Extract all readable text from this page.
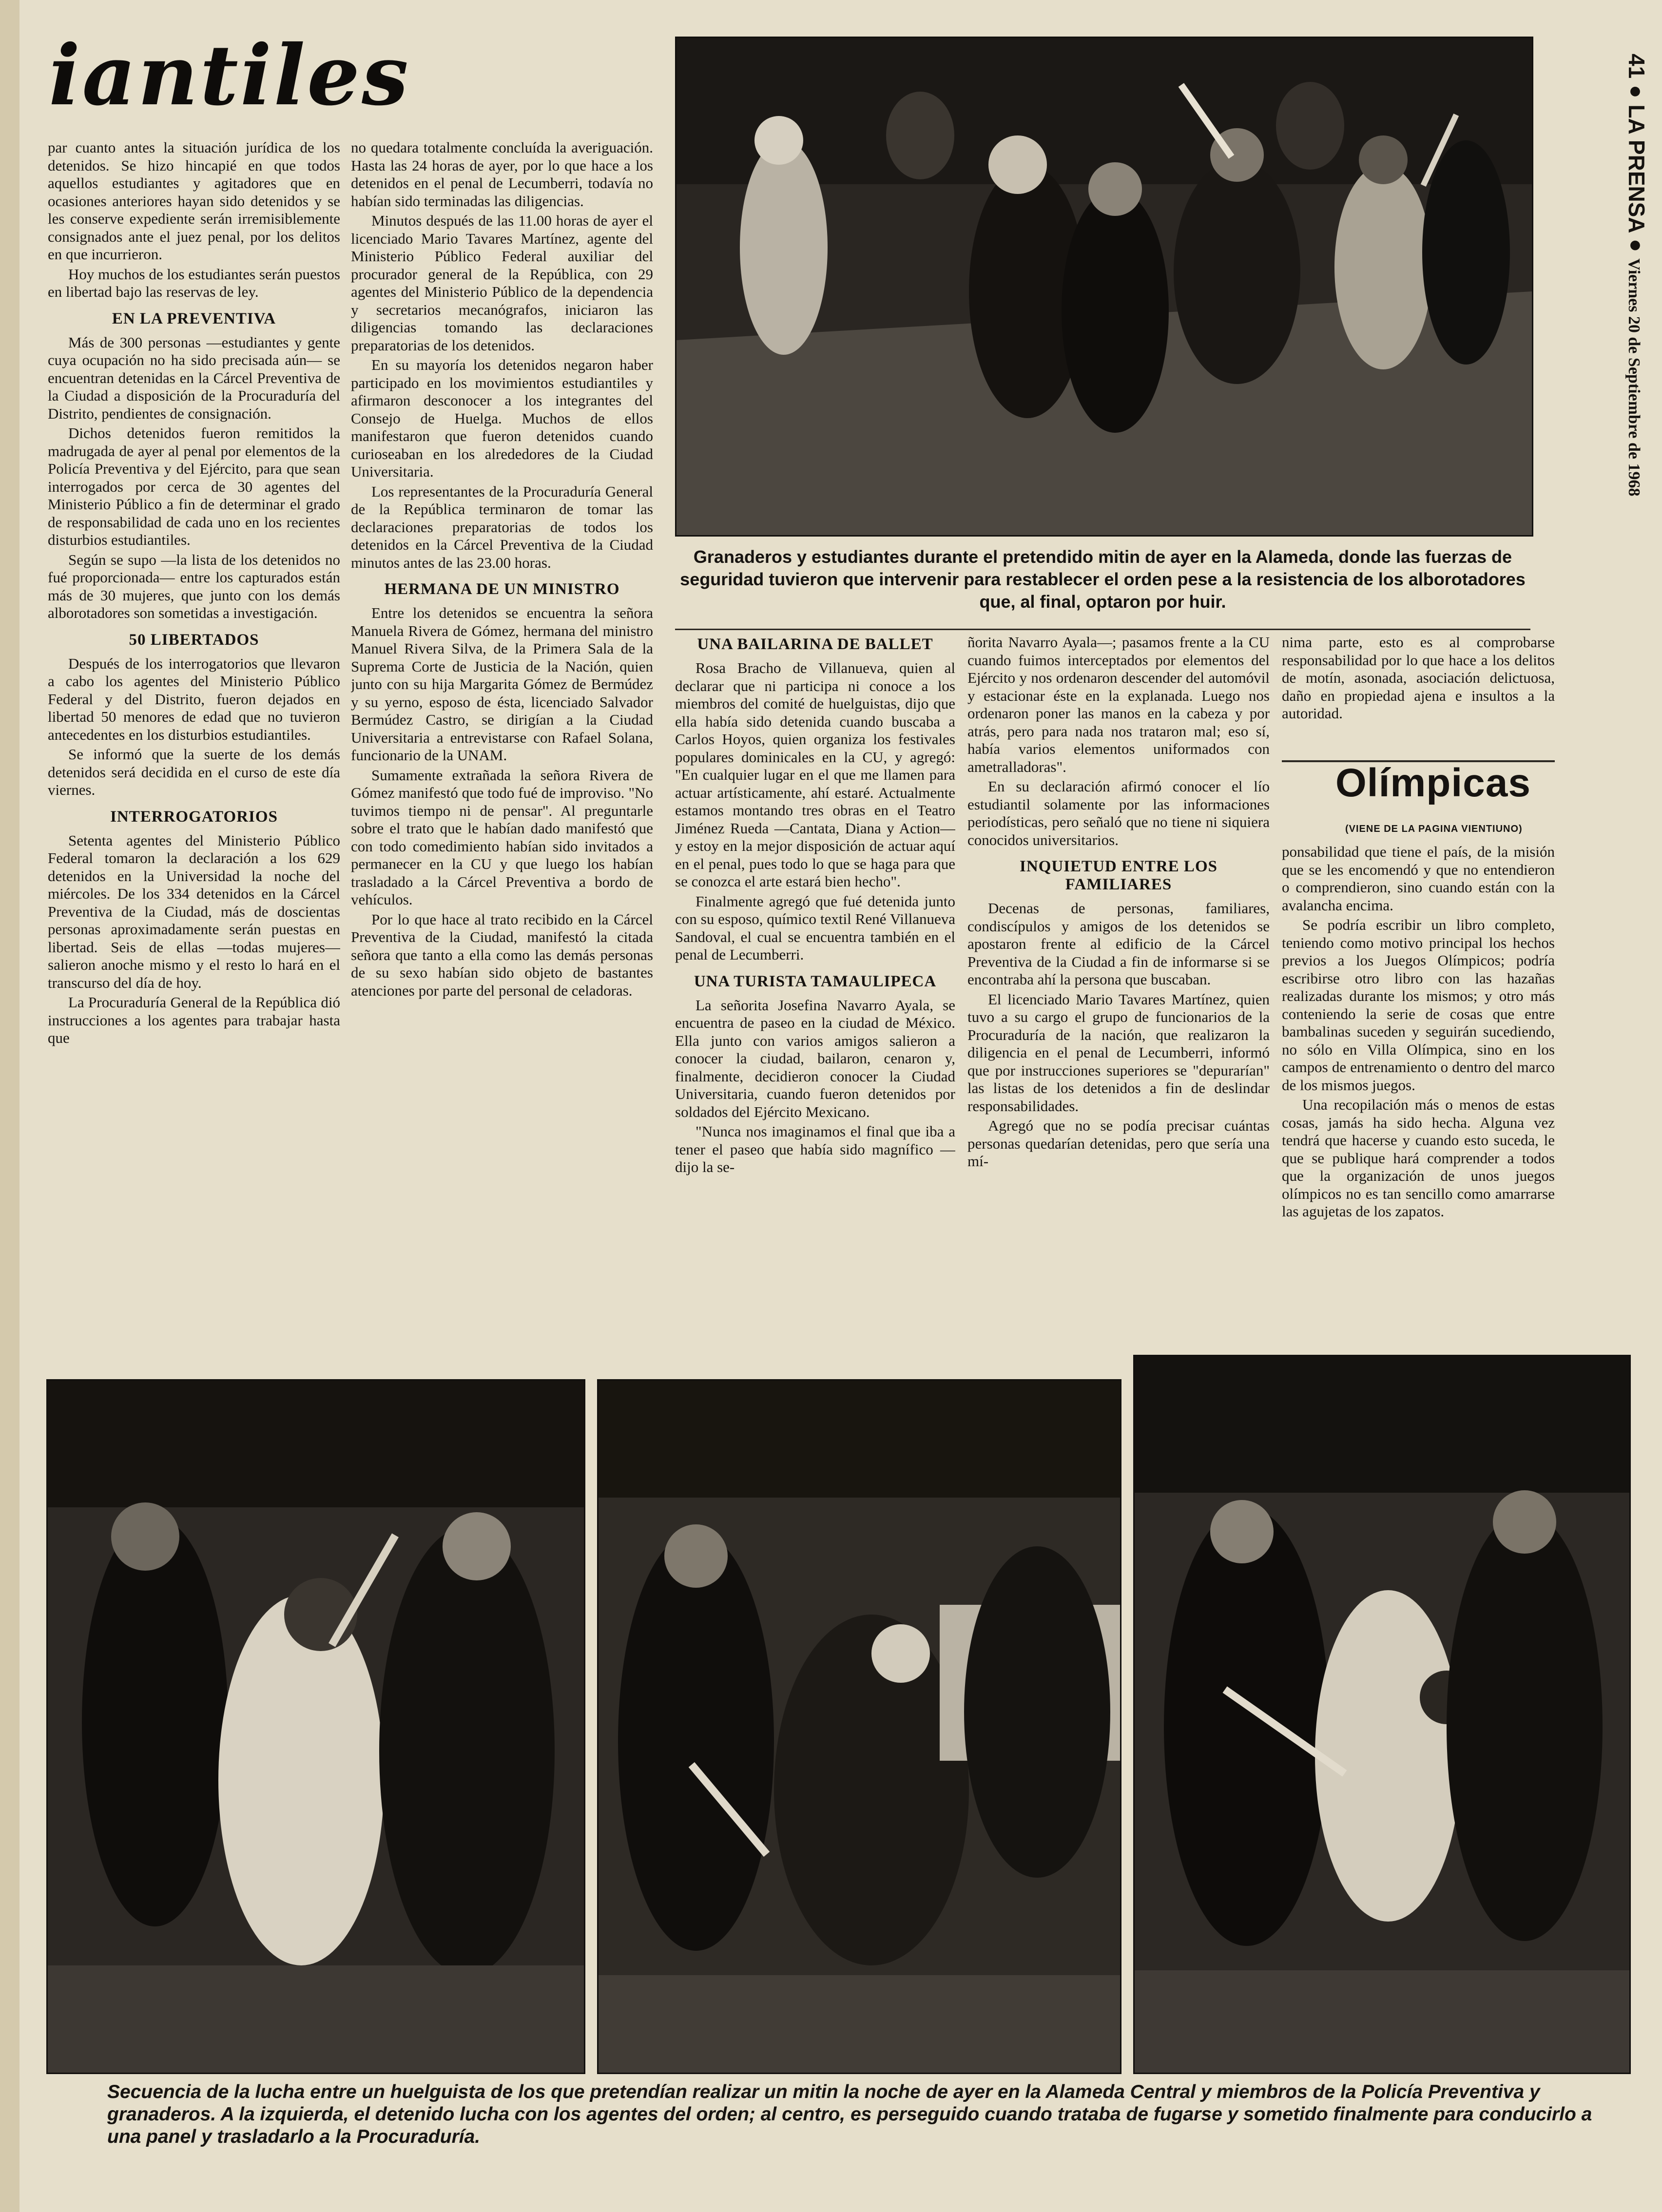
iantiles

par cuanto antes la situación jurídica de los detenidos. Se hizo hincapié en que todos aquellos estudiantes y agitadores que en ocasiones anteriores hayan sido detenidos y se les conserve expediente serán irremisiblemente consignados ante el juez penal, por los delitos en que incurrieron.

Hoy muchos de los estudiantes serán puestos en libertad bajo las reservas de ley.

EN LA PREVENTIVA

Más de 300 personas —estudiantes y gente cuya ocupación no ha sido precisada aún— se encuentran detenidas en la Cárcel Preventiva de la Ciudad a disposición de la Procuraduría del Distrito, pendientes de consignación.

Dichos detenidos fueron remitidos la madrugada de ayer al penal por elementos de la Policía Preventiva y del Ejército, para que sean interrogados por cerca de 30 agentes del Ministerio Público a fin de determinar el grado de responsabilidad de cada uno en los recientes disturbios estudiantiles.

Según se supo —la lista de los detenidos no fué proporcionada— entre los capturados están más de 30 mujeres, que junto con los demás alborotadores son sometidas a investigación.

50 LIBERTADOS

Después de los interrogatorios que llevaron a cabo los agentes del Ministerio Público Federal y del Distrito, fueron dejados en libertad 50 menores de edad que no tuvieron antecedentes en los disturbios estudiantiles.

Se informó que la suerte de los demás detenidos será decidida en el curso de este día viernes.

INTERROGATORIOS

Setenta agentes del Ministerio Público Federal tomaron la declaración a los 629 detenidos en la Universidad la noche del miércoles. De los 334 detenidos en la Cárcel Preventiva de la Ciudad, más de doscientas personas aproximadamente serán puestas en libertad. Seis de ellas —todas mujeres— salieron anoche mismo y el resto lo hará en el transcurso del día de hoy.

La Procuraduría General de la República dió instrucciones a los agentes para trabajar hasta que

no quedara totalmente concluída la averiguación. Hasta las 24 horas de ayer, por lo que hace a los detenidos en el penal de Lecumberri, todavía no habían sido terminadas las diligencias.

Minutos después de las 11.00 horas de ayer el licenciado Mario Tavares Martínez, agente del Ministerio Público Federal auxiliar del procurador general de la República, con 29 agentes del Ministerio Público de la dependencia y secretarios mecanógrafos, iniciaron las diligencias tomando las declaraciones preparatorias de los detenidos.

En su mayoría los detenidos negaron haber participado en los movimientos estudiantiles y afirmaron desconocer a los integrantes del Consejo de Huelga. Muchos de ellos manifestaron que fueron detenidos cuando curioseaban en los alrededores de la Ciudad Universitaria.

Los representantes de la Procuraduría General de la República terminaron de tomar las declaraciones preparatorias de todos los detenidos en la Cárcel Preventiva de la Ciudad minutos antes de las 23.00 horas.

HERMANA DE UN MINISTRO

Entre los detenidos se encuentra la señora Manuela Rivera de Gómez, hermana del ministro Manuel Rivera Silva, de la Primera Sala de la Suprema Corte de Justicia de la Nación, quien junto con su hija Margarita Gómez de Bermúdez y su yerno, esposo de ésta, licenciado Salvador Bermúdez Castro, se dirigían a la Ciudad Universitaria a entrevistarse con Rafael Solana, funcionario de la UNAM.

Sumamente extrañada la señora Rivera de Gómez manifestó que todo fué de improviso. "No tuvimos tiempo ni de pensar". Al preguntarle sobre el trato que le habían dado manifestó que con todo comedimiento habían sido invitados a permanecer en la CU y que luego los habían trasladado a la Cárcel Preventiva a bordo de vehículos.

Por lo que hace al trato recibido en la Cárcel Preventiva de la Ciudad, manifestó la citada señora que tanto a ella como las demás personas de su sexo habían sido objeto de bastantes atenciones por parte del personal de celadoras.

41 ● LA PRENSA ● Viernes 20 de Septiembre de 1968
Granaderos y estudiantes durante el pretendido mitin de ayer en la Alameda, donde las fuerzas de seguridad tuvieron que intervenir para restablecer el orden pese a la resistencia de los alborotadores que, al final, optaron por huir.
UNA BAILARINA DE BALLET

Rosa Bracho de Villanueva, quien al declarar que ni participa ni conoce a los miembros del comité de huelguistas, dijo que ella había sido detenida cuando buscaba a Carlos Hoyos, quien organiza los festivales populares dominicales en la CU, y agregó: "En cualquier lugar en el que me llamen para actuar artísticamente, ahí estaré. Actualmente estamos montando tres obras en el Teatro Jiménez Rueda —Cantata, Diana y Action— y estoy en la mejor disposición de actuar aquí en el penal, pues todo lo que se haga para que se conozca el arte estará bien hecho".

Finalmente agregó que fué detenida junto con su esposo, químico textil René Villanueva Sandoval, el cual se encuentra también en el penal de Lecumberri.

UNA TURISTA TAMAULIPECA

La señorita Josefina Navarro Ayala, se encuentra de paseo en la ciudad de México. Ella junto con varios amigos salieron a conocer la ciudad, bailaron, cenaron y, finalmente, decidieron conocer la Ciudad Universitaria, cuando fueron detenidos por soldados del Ejército Mexicano.

"Nunca nos imaginamos el final que iba a tener el paseo que había sido magnífico —dijo la se-

ñorita Navarro Ayala—; pasamos frente a la CU cuando fuimos interceptados por elementos del Ejército y nos ordenaron descender del automóvil y estacionar éste en la explanada. Luego nos ordenaron poner las manos en la cabeza y por atrás, pero para nada nos trataron mal; eso sí, había varios elementos uniformados con ametralladoras".

En su declaración afirmó conocer el lío estudiantil solamente por las informaciones periodísticas, pero señaló que no tiene ni siquiera conocidos universitarios.

INQUIETUD ENTRE LOS FAMILIARES

Decenas de personas, familiares, condiscípulos y amigos de los detenidos se apostaron frente al edificio de la Cárcel Preventiva de la Ciudad a fin de informarse si se encontraba ahí la persona que buscaban.

El licenciado Mario Tavares Martínez, quien tuvo a su cargo el grupo de funcionarios de la Procuraduría de la nación, que realizaron la diligencia en el penal de Lecumberri, informó que por instrucciones superiores se "depurarían" las listas de los detenidos a fin de deslindar responsabilidades.

Agregó que no se podía precisar cuántas personas quedarían detenidas, pero que sería una mí-

nima parte, esto es al comprobarse responsabilidad por lo que hace a los delitos de motín, asonada, asociación delictuosa, daño en propiedad ajena e insultos a la autoridad.

Olímpicas
(VIENE DE LA PAGINA VIENTIUNO)

ponsabilidad que tiene el país, de la misión que se les encomendó y que no entendieron o comprendieron, sino cuando están con la avalancha encima.

Se podría escribir un libro completo, teniendo como motivo principal los hechos previos a los Juegos Olímpicos; podría escribirse otro libro con las hazañas realizadas durante los mismos; y otro más conteniendo la serie de cosas que entre bambalinas suceden y seguirán sucediendo, no sólo en Villa Olímpica, sino en los campos de entrenamiento o dentro del marco de los mismos juegos.

Una recopilación más o menos de estas cosas, jamás ha sido hecha. Alguna vez tendrá que hacerse y cuando esto suceda, le que se publique hará comprender a todos que la organización de unos juegos olímpicos no es tan sencillo como amarrarse las agujetas de los zapatos.

Secuencia de la lucha entre un huelguista de los que pretendían realizar un mitin la noche de ayer en la Alameda Central y miembros de la Policía Preventiva y granaderos. A la izquierda, el detenido lucha con los agentes del orden; al centro, es perseguido cuando trataba de fugarse y sometido finalmente para conducirlo a una panel y trasladarlo a la Procuraduría.
